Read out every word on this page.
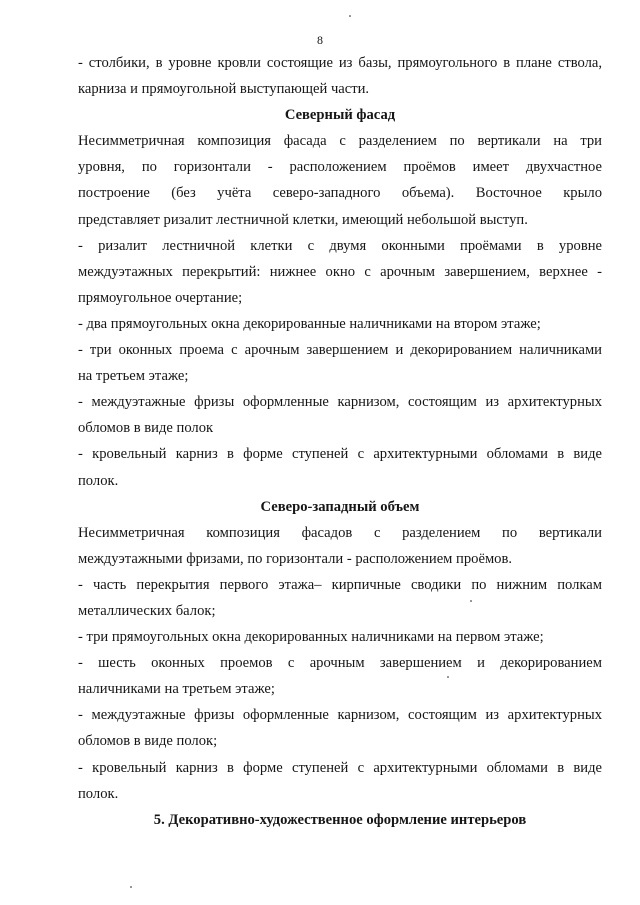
8
- столбики, в уровне кровли состоящие из базы, прямоугольного в плане ствола,
карниза и прямоугольной выступающей части.
Северный фасад
Несимметричная композиция фасада с разделением по вертикали на три
уровня, по горизонтали - расположением проёмов имеет двухчастное
построение (без учёта северо-западного объема). Восточное крыло
представляет ризалит лестничной клетки, имеющий небольшой выступ.
- ризалит лестничной клетки с двумя оконными проёмами в уровне
междуэтажных перекрытий: нижнее окно с арочным завершением, верхнее -
прямоугольное очертание;
- два прямоугольных окна декорированные наличниками на втором этаже;
- три оконных проема с арочным завершением и декорированием наличниками
на третьем этаже;
- междуэтажные фризы оформленные карнизом, состоящим из архитектурных
обломов в виде полок
- кровельный карниз в форме ступеней с архитектурными обломами в виде
полок.
Северо-западный объем
Несимметричная композиция фасадов с разделением по вертикали
междуэтажными фризами, по горизонтали - расположением проёмов.
- часть перекрытия первого этажа– кирпичные сводики по нижним полкам
металлических балок;
- три прямоугольных окна декорированных наличниками на первом этаже;
- шесть оконных проемов с арочным завершением и декорированием
наличниками на третьем этаже;
- междуэтажные фризы оформленные карнизом, состоящим из архитектурных
обломов в виде полок;
- кровельный карниз в форме ступеней с архитектурными обломами в виде
полок.
5. Декоративно-художественное оформление интерьеров
